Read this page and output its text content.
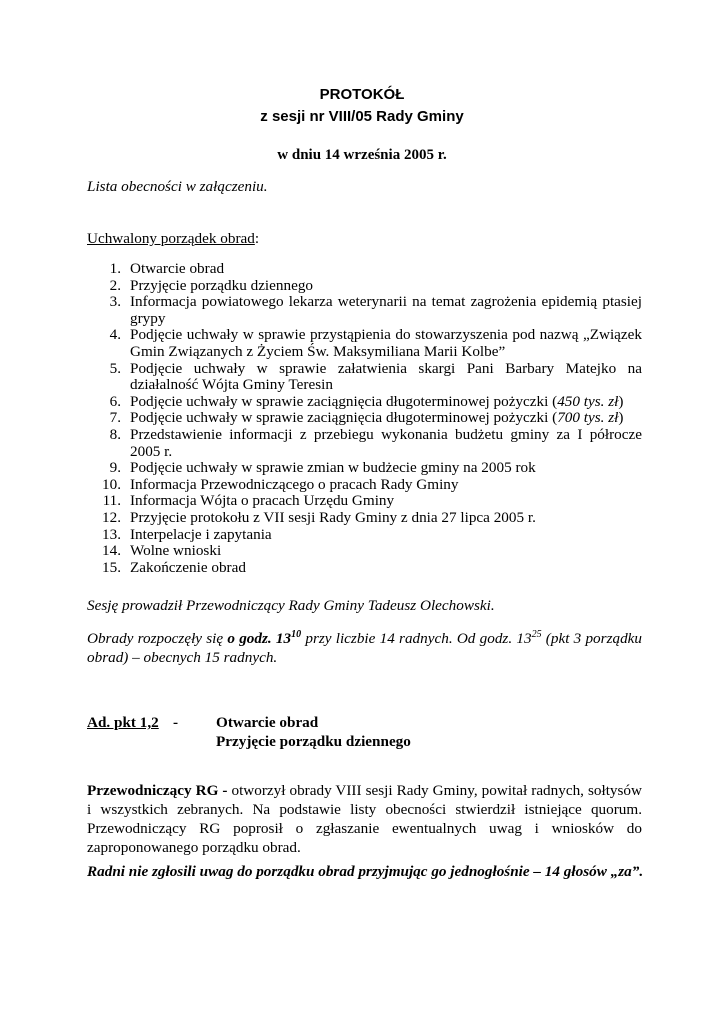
PROTOKÓŁ
z sesji nr VIII/05 Rady Gminy
w dniu 14 września 2005 r.
Lista obecności w załączeniu.
Uchwalony porządek obrad:
1. Otwarcie obrad
2. Przyjęcie porządku dziennego
3. Informacja powiatowego lekarza weterynarii na temat zagrożenia epidemią ptasiej grypy
4. Podjęcie uchwały w sprawie przystąpienia do stowarzyszenia pod nazwą „Związek Gmin Związanych z Życiem Św. Maksymiliana Marii Kolbe”
5. Podjęcie uchwały w sprawie załatwienia skargi Pani Barbary Matejko na działalność Wójta Gminy Teresin
6. Podjęcie uchwały w sprawie zaciągnięcia długoterminowej pożyczki (450 tys. zł)
7. Podjęcie uchwały w sprawie zaciągnięcia długoterminowej pożyczki (700 tys. zł)
8. Przedstawienie informacji z przebiegu wykonania budżetu gminy za I półrocze 2005 r.
9. Podjęcie uchwały w sprawie zmian w budżecie gminy na 2005 rok
10. Informacja Przewodniczącego o pracach Rady Gminy
11. Informacja Wójta o pracach Urzędu Gminy
12. Przyjęcie protokołu z VII sesji Rady Gminy z dnia 27 lipca 2005 r.
13. Interpelacje i zapytania
14. Wolne wnioski
15. Zakończenie obrad
Sesję prowadził Przewodniczący Rady Gminy Tadeusz Olechowski.
Obrady rozpoczęły się o godz. $13^{10}$ przy liczbie 14 radnych. Od godz. $13^{25}$ (pkt 3 porządku obrad) – obecnych 15 radnych.
Ad. pkt 1,2 - Otwarcie obrad
Przyjęcie porządku dziennego
Przewodniczący RG - otworzył obrady VIII sesji Rady Gminy, powitał radnych, sołtysów i wszystkich zebranych. Na podstawie listy obecności stwierdził istniejące quorum. Przewodniczący RG poprosił o zgłaszanie ewentualnych uwag i wniosków do zaproponowanego porządku obrad.
Radni nie zgłosili uwag do porządku obrad przyjmując go jednogłośnie – 14 głosów „za”.
